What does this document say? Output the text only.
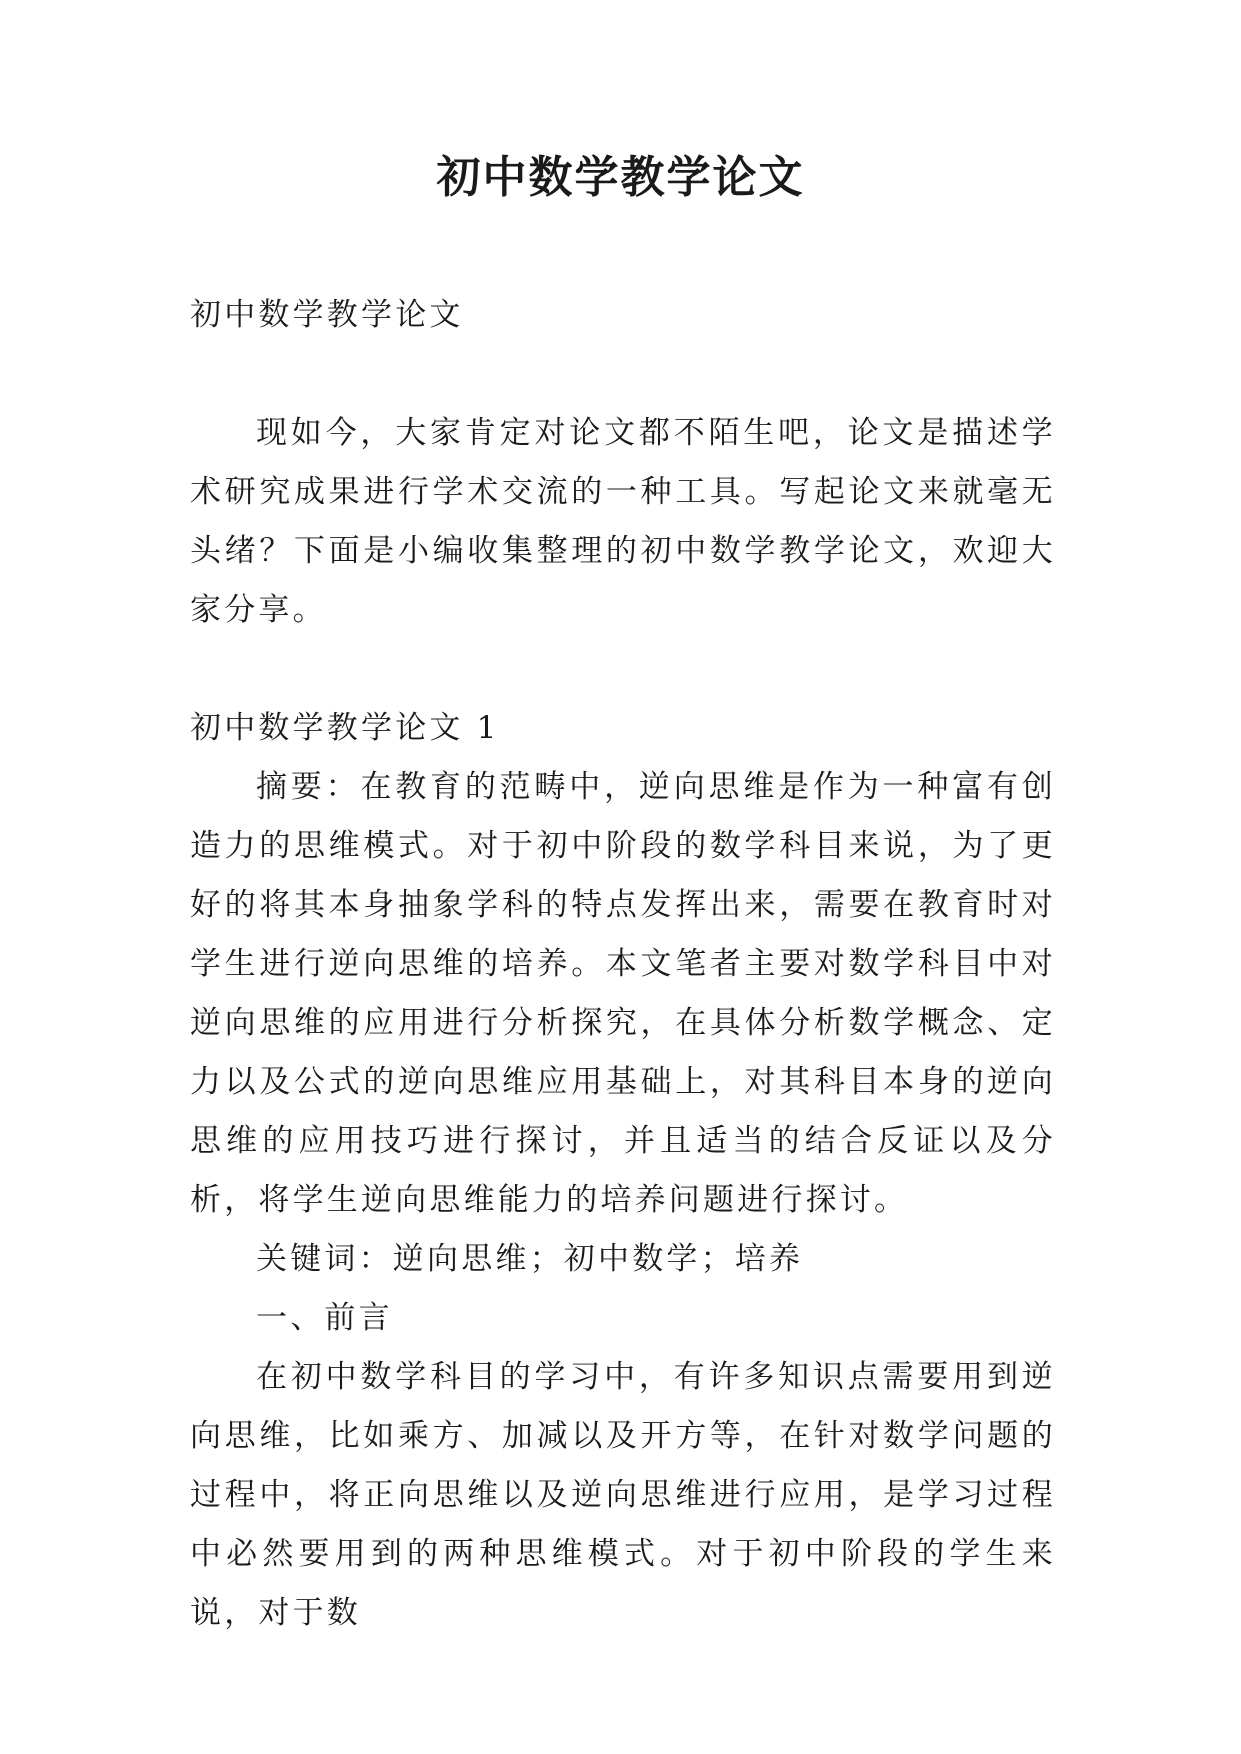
初中数学教学论文

初中数学教学论文

现如今，大家肯定对论文都不陌生吧，论文是描述学术研究成果进行学术交流的一种工具。写起论文来就毫无头绪？下面是小编收集整理的初中数学教学论文，欢迎大家分享。

初中数学教学论文 1

摘要：在教育的范畴中，逆向思维是作为一种富有创造力的思维模式。对于初中阶段的数学科目来说，为了更好的将其本身抽象学科的特点发挥出来，需要在教育时对学生进行逆向思维的培养。本文笔者主要对数学科目中对逆向思维的应用进行分析探究，在具体分析数学概念、定力以及公式的逆向思维应用基础上，对其科目本身的逆向思维的应用技巧进行探讨，并且适当的结合反证以及分析，将学生逆向思维能力的培养问题进行探讨。

关键词：逆向思维；初中数学；培养

一、前言

在初中数学科目的学习中，有许多知识点需要用到逆向思维，比如乘方、加减以及开方等，在针对数学问题的过程中，将正向思维以及逆向思维进行应用，是学习过程中必然要用到的两种思维模式。对于初中阶段的学生来说，对于数
